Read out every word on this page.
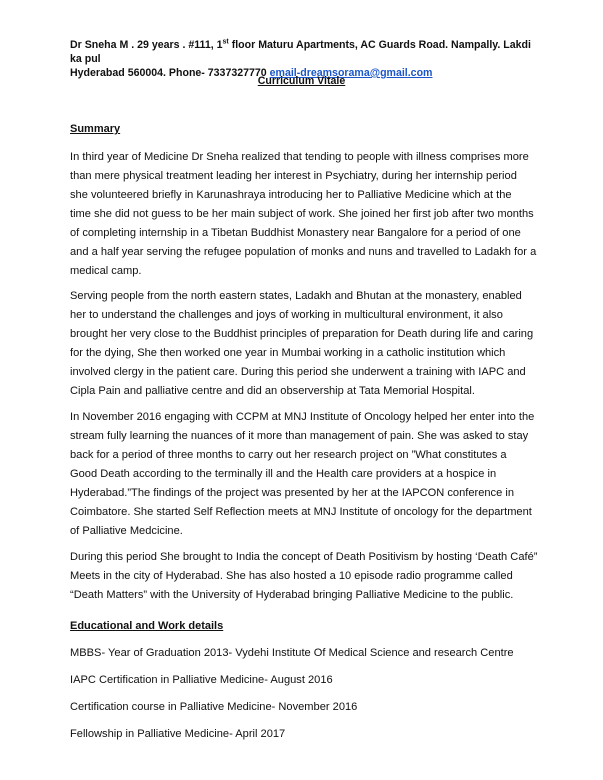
Dr Sneha M . 29 years . #111, 1st floor Maturu Apartments, AC Guards Road. Nampally. Lakdi ka pul
Hyderabad 560004. Phone- 7337327770 email-dreamsorama@gmail.com
Curriculum Vitale
Summary
In third year of Medicine Dr Sneha realized that tending to people with illness comprises more
than mere physical treatment leading her interest in Psychiatry, during her internship period
she volunteered briefly in Karunashraya introducing her to Palliative Medicine which at the
time she did not guess to be her main subject of work. She joined her first job after two months
of completing internship in a Tibetan Buddhist Monastery near Bangalore for a period of one
and a half year serving the refugee population of monks and nuns and travelled to Ladakh for a
medical camp.
Serving people from the north eastern states, Ladakh and Bhutan at the monastery, enabled
her to understand the challenges and joys of working in multicultural environment, it also
brought her very close to the Buddhist principles of preparation for Death during life and caring
for the dying, She then worked one year in Mumbai working in a catholic institution which
involved clergy in the patient care. During this period she underwent a training with IAPC and
Cipla Pain and palliative centre and did an observership at Tata Memorial Hospital.
In November 2016 engaging with CCPM at MNJ Institute of Oncology helped her enter into the
stream fully learning the nuances of it more than management of pain. She was asked to stay
back for a period of three months to carry out her research project on ”What constitutes a
Good Death according to the terminally ill and the Health care providers at a hospice in
Hyderabad.”The findings of the project was presented by her at the IAPCON conference in
Coimbatore. She started Self Reflection meets at MNJ Institute of oncology for the department
of Palliative Medcicine.
During this period She brought to India the concept of Death Positivism by hosting ‘Death Café”
Meets in the city of Hyderabad. She has also hosted a 10 episode radio programme called
“Death Matters” with the University of Hyderabad bringing Palliative Medicine to the public.
Educational and Work details
MBBS- Year of Graduation 2013- Vydehi Institute Of Medical Science and research Centre
IAPC Certification in Palliative Medicine- August 2016
Certification course in Palliative Medicine- November 2016
Fellowship in Palliative Medicine- April 2017
